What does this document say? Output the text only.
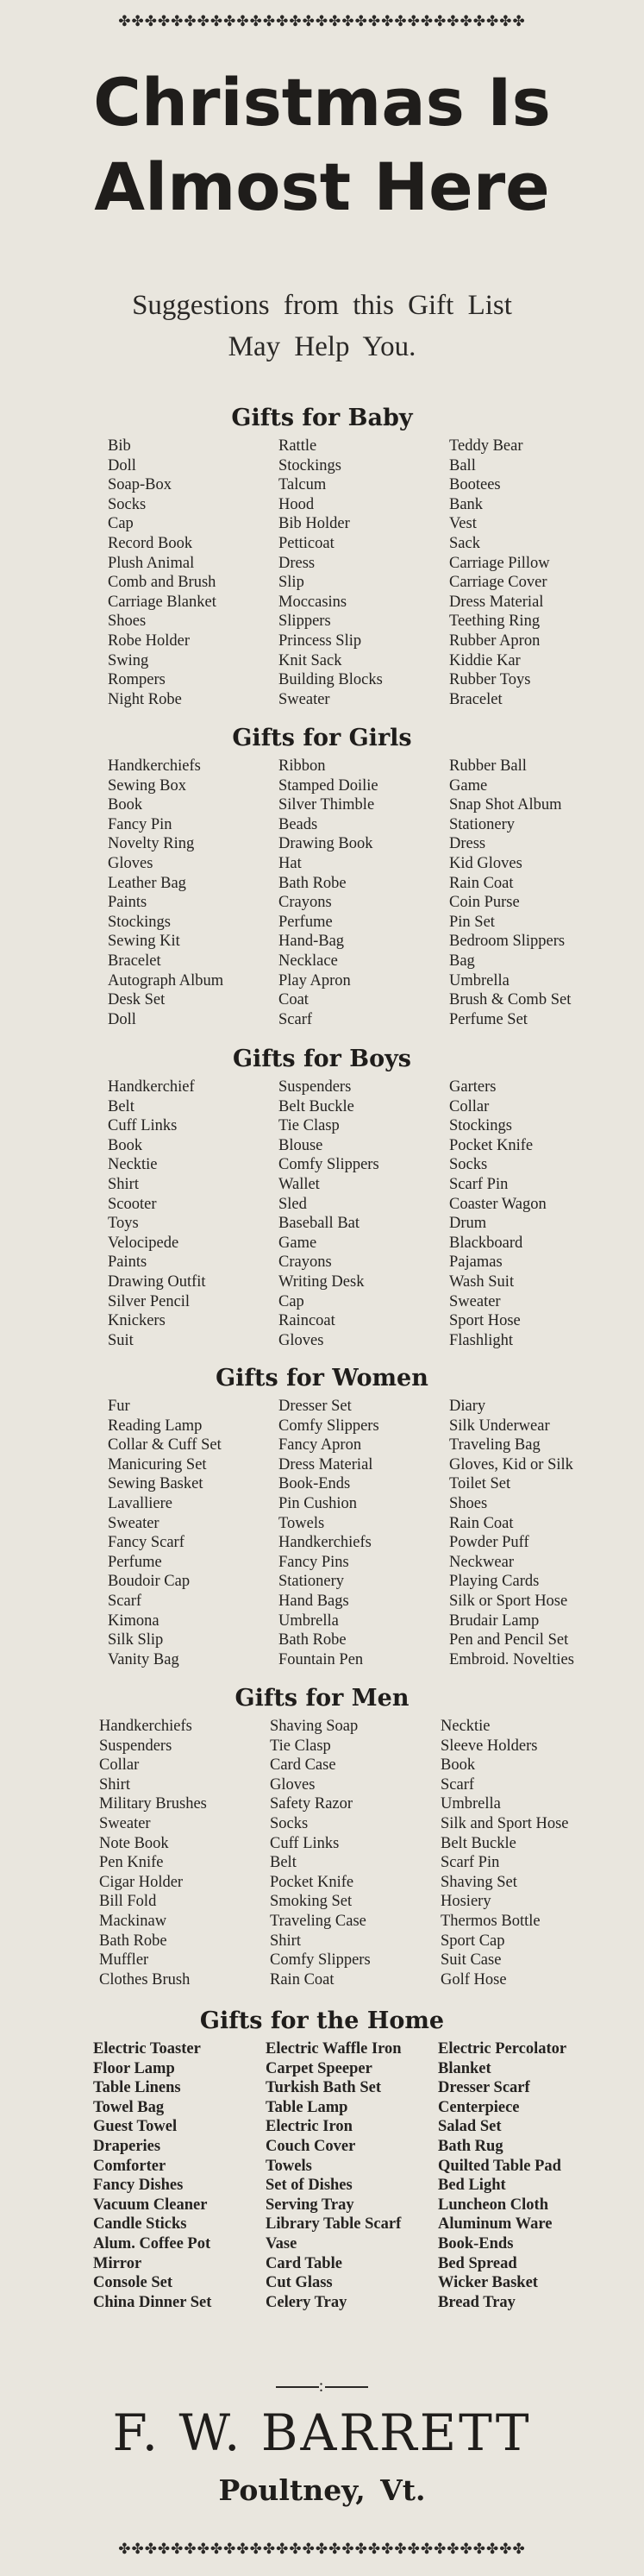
✤✤✤✤✤✤✤✤✤✤✤✤✤✤✤✤✤✤✤✤✤✤✤✤✤✤✤✤✤✤✤
Christmas Is
Almost Here
Suggestions from this Gift List
May Help You.
Gifts for Baby
Bib	Rattle	Teddy Bear
Doll	Stockings	Ball
Soap-Box	Talcum	Bootees
Socks	Hood	Bank
Cap	Bib Holder	Vest
Record Book	Petticoat	Sack
Plush Animal	Dress	Carriage Pillow
Comb and Brush	Slip	Carriage Cover
Carriage Blanket	Moccasins	Dress Material
Shoes	Slippers	Teething Ring
Robe Holder	Princess Slip	Rubber Apron
Swing	Knit Sack	Kiddie Kar
Rompers	Building Blocks	Rubber Toys
Night Robe	Sweater	Bracelet
Gifts for Girls
Handkerchiefs	Ribbon	Rubber Ball
Sewing Box	Stamped Doilie	Game
Book	Silver Thimble	Snap Shot Album
Fancy Pin	Beads	Stationery
Novelty Ring	Drawing Book	Dress
Gloves	Hat	Kid Gloves
Leather Bag	Bath Robe	Rain Coat
Paints	Crayons	Coin Purse
Stockings	Perfume	Pin Set
Sewing Kit	Hand-Bag	Bedroom Slippers
Bracelet	Necklace	Bag
Autograph Album	Play Apron	Umbrella
Desk Set	Coat	Brush & Comb Set
Doll	Scarf	Perfume Set
Gifts for Boys
Handkerchief	Suspenders	Garters
Belt	Belt Buckle	Collar
Cuff Links	Tie Clasp	Stockings
Book	Blouse	Pocket Knife
Necktie	Comfy Slippers	Socks
Shirt	Wallet	Scarf Pin
Scooter	Sled	Coaster Wagon
Toys	Baseball Bat	Drum
Velocipede	Game	Blackboard
Paints	Crayons	Pajamas
Drawing Outfit	Writing Desk	Wash Suit
Silver Pencil	Cap	Sweater
Knickers	Raincoat	Sport Hose
Suit	Gloves	Flashlight
Gifts for Women
Fur	Dresser Set	Diary
Reading Lamp	Comfy Slippers	Silk Underwear
Collar & Cuff Set	Fancy Apron	Traveling Bag
Manicuring Set	Dress Material	Gloves, Kid or Silk
Sewing Basket	Book-Ends	Toilet Set
Lavalliere	Pin Cushion	Shoes
Sweater	Towels	Rain Coat
Fancy Scarf	Handkerchiefs	Powder Puff
Perfume	Fancy Pins	Neckwear
Boudoir Cap	Stationery	Playing Cards
Scarf	Hand Bags	Silk or Sport Hose
Kimona	Umbrella	Brudair Lamp
Silk Slip	Bath Robe	Pen and Pencil Set
Vanity Bag	Fountain Pen	Embroid. Novelties
Gifts for Men
Handkerchiefs	Shaving Soap	Necktie
Suspenders	Tie Clasp	Sleeve Holders
Collar	Card Case	Book
Shirt	Gloves	Scarf
Military Brushes	Safety Razor	Umbrella
Sweater	Socks	Silk and Sport Hose
Note Book	Cuff Links	Belt Buckle
Pen Knife	Belt	Scarf Pin
Cigar Holder	Pocket Knife	Shaving Set
Bill Fold	Smoking Set	Hosiery
Mackinaw	Traveling Case	Thermos Bottle
Bath Robe	Shirt	Sport Cap
Muffler	Comfy Slippers	Suit Case
Clothes Brush	Rain Coat	Golf Hose
Gifts for the Home
Electric Toaster	Electric Waffle Iron	Electric Percolator
Floor Lamp	Carpet Speeper	Blanket
Table Linens	Turkish Bath Set	Dresser Scarf
Towel Bag	Table Lamp	Centerpiece
Guest Towel	Electric Iron	Salad Set
Draperies	Couch Cover	Bath Rug
Comforter	Towels	Quilted Table Pad
Fancy Dishes	Set of Dishes	Bed Light
Vacuum Cleaner	Serving Tray	Luncheon Cloth
Candle Sticks	Library Table Scarf	Aluminum Ware
Alum. Coffee Pot	Vase	Book-Ends
Mirror	Card Table	Bed Spread
Console Set	Cut Glass	Wicker Basket
China Dinner Set	Celery Tray	Bread Tray
:
F. W. BARRETT
Poultney, Vt.
✤✤✤✤✤✤✤✤✤✤✤✤✤✤✤✤✤✤✤✤✤✤✤✤✤✤✤✤✤✤✤
